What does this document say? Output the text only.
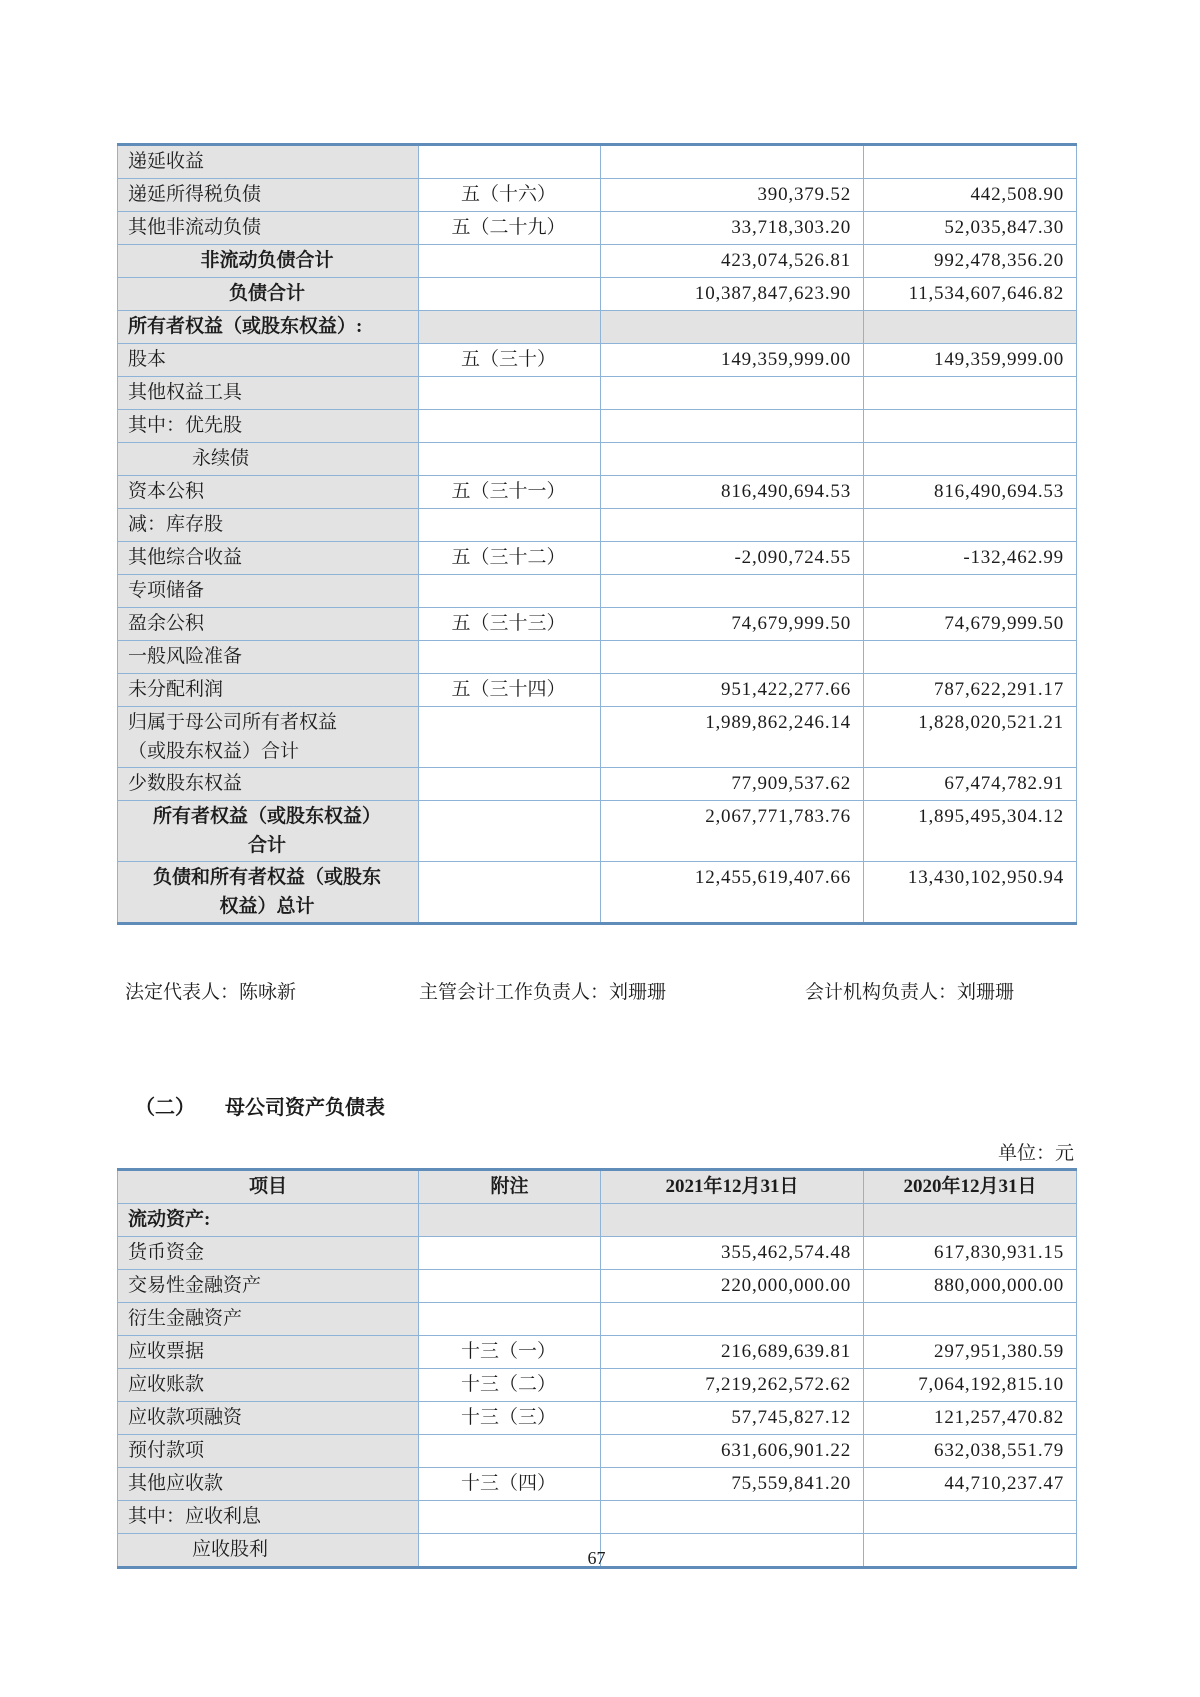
递延收益			

递延所得税负债	五（十六）	390,379.52	442,508.90

其他非流动负债	五（二十九）	33,718,303.20	52,035,847.30

非流动负债合计		423,074,526.81	992,478,356.20

负债合计		10,387,847,623.90	11,534,607,646.82

所有者权益（或股东权益）:			

股本	五（三十）	149,359,999.00	149,359,999.00

其他权益工具			

其中：优先股			

永续债			

资本公积	五（三十一）	816,490,694.53	816,490,694.53

减：库存股			

其他综合收益	五（三十二）	-2,090,724.55	-132,462.99

专项储备			

盈余公积	五（三十三）	74,679,999.50	74,679,999.50

一般风险准备			

未分配利润	五（三十四）	951,422,277.66	787,622,291.17

归属于母公司所有者权益
（或股东权益）合计		1,989,862,246.14	1,828,020,521.21

少数股东权益		77,909,537.62	67,474,782.91

所有者权益（或股东权益）
合计		2,067,771,783.76	1,895,495,304.12

负债和所有者权益（或股东
权益）总计		12,455,619,407.66	13,430,102,950.94
法定代表人：陈咏新	主管会计工作负责人：刘珊珊	会计机构负责人：刘珊珊
（二） 母公司资产负债表
单位：元
项目	附注	2021年12月31日	2020年12月31日

流动资产:			

货币资金		355,462,574.48	617,830,931.15

交易性金融资产		220,000,000.00	880,000,000.00

衍生金融资产			

应收票据	十三（一）	216,689,639.81	297,951,380.59

应收账款	十三（二）	7,219,262,572.62	7,064,192,815.10

应收款项融资	十三（三）	57,745,827.12	121,257,470.82

预付款项		631,606,901.22	632,038,551.79

其他应收款	十三（四）	75,559,841.20	44,710,237.47

其中：应收利息			

应收股利			
				67
